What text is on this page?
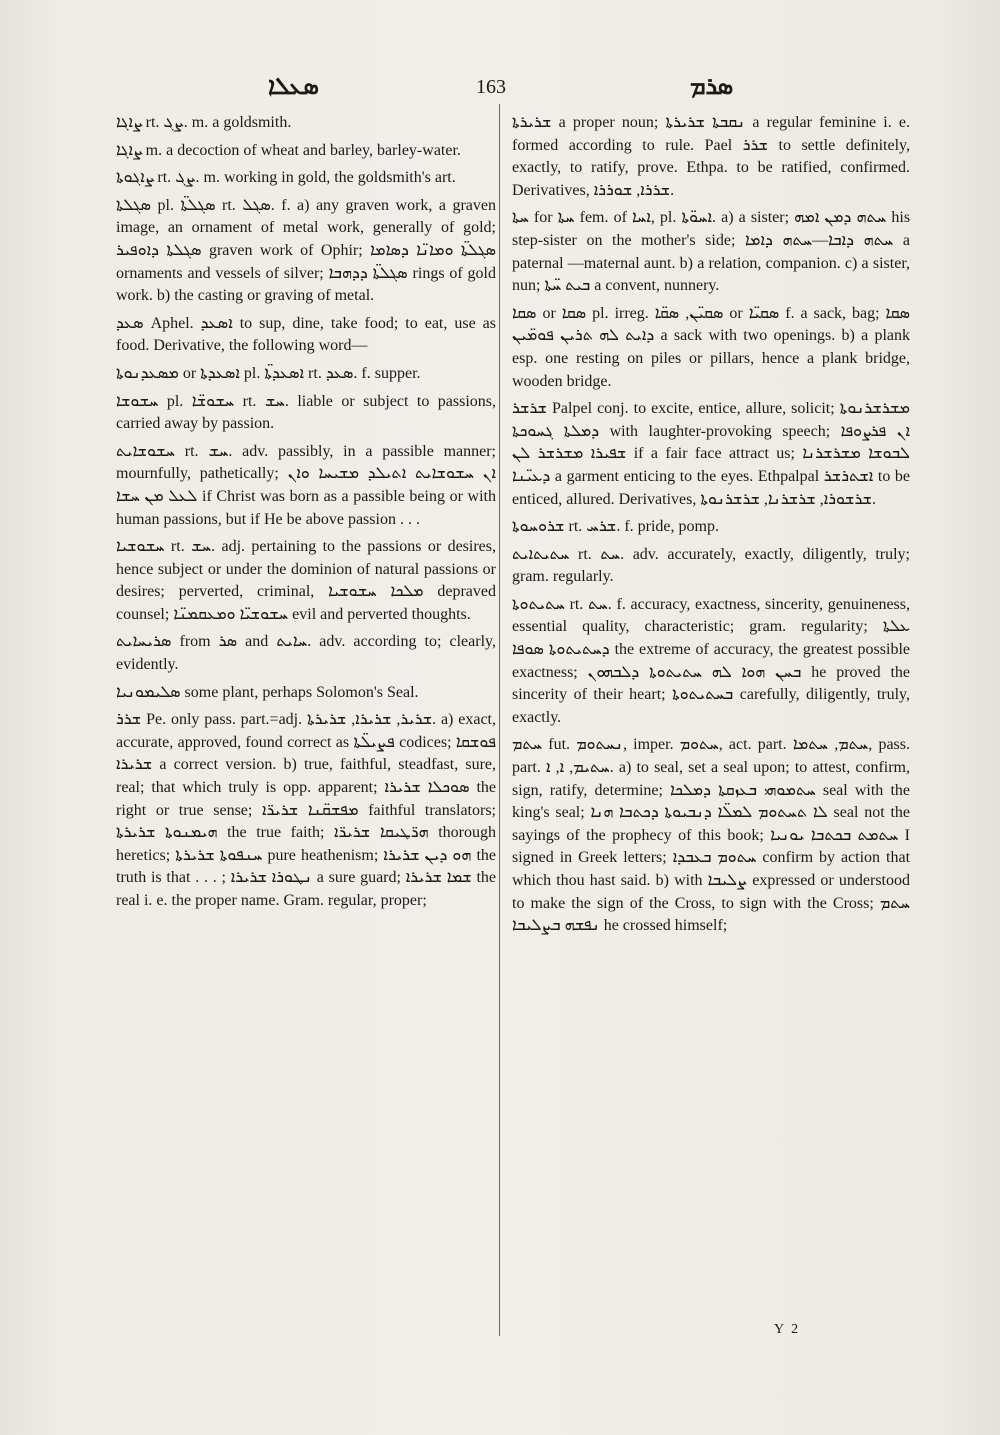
ܣܥܠܐ	163	ܣܪܡ

ܨܐܓܐ rt. ܨܓ. m. a goldsmith.

ܨܐܓܐ m. a decoction of wheat and barley, barley-water.

ܨܐܓܘܬܐ rt. ܨܓ. m. working in gold, the goldsmith's art.

ܣܓܠܬܐ pl. ܣܓܠܬ̈ܐ rt. ܣܓܠ. f. a) any graven work, a graven image, an ornament of metal work, generally of gold; ܣܓܠܬܐ ܕܐܘܦܝܪ graven work of Ophir; ܣܓܠܬ̈ܐ ܘܡܐܢ̈ܐ ܕܣܐܡܐ ornaments and vessels of silver; ܣܓܠܬ̈ܐ ܕܕܗܒܐ rings of gold work. b) the casting or graving of metal.

ܣܥܕ Aphel. ܐܣܥܕ to sup, dine, take food; to eat, use as food. Derivative, the following word—

ܡܣܥܕܢܘܬܐ or ܐܣܥܕܬܐ pl. ܐܣܥܕܬ̈ܐ rt. ܣܥܕ. f. supper.

ܚܫܘܫܐ pl. ܚܫܘܫ̈ܐ rt. ܚܫ. liable or subject to passions, carried away by passion.

ܚܫܘܫܐܝܬ rt. ܚܫ. adv. passibly, in a passible manner; mournfully, pathetically; ܐܢ ܚܫܘܫܐܝܬ ܐܬܝܠܕ ܡܫܝܚܐ ܘܐܢ ܠܥܠ ܡܢ ܚܫܐ if Christ was born as a passible being or with human passions, but if He be above passion . . .

ܚܫܘܫܝܐ rt. ܚܫ. adj. pertaining to the passions or desires, hence subject or under the dominion of natural passions or desires; perverted, criminal, ܡܠܟܐ ܚܫܘܫܝܐ depraved counsel; ܚܫܘܫܝ̈ܐ ܘܡܥܩܡܢ̈ܐ evil and perverted thoughts.

ܣܪܝܚܐܝܬ from ܣܪ and ܚܐܝܬ. adv. according to; clearly, evidently.

ܣܠܝܡܘܢܝܐ some plant, perhaps Solomon's Seal.

ܫܪܪ Pe. only pass. part.=adj. ܫܪܝܪ, ܫܪܝܪܐ, ܫܪܝܪܬܐ. a) exact, accurate, approved, found correct as ܦܨܝܠ̈ܬܐ codices; ܦܘܫܩܐ ܫܪܝܪܐ a correct version. b) true, faithful, steadfast, sure, real; that which truly is opp. apparent; ܣܘܟܠܐ ܫܪܝܪܐ the right or true sense; ܡܦܫܩ̈ܢܐ ܫܪܝܪ̈ܐ faithful translators; ܗܝܡܢܘܬܐ ܫܪܝܪܬܐ the true faith; ܗܪ̈ܛܝܩܐ ܫܪܝܪ̈ܐ thorough heretics; ܚܢܦܘܬܐ ܫܪܝܪܬܐ pure heathenism; ܗܘ ܕܝܢ ܫܪܝܪܐ the truth is that . . . ; ܢܛܘܪܐ ܫܪܝܪܐ a sure guard; ܫܡܐ ܫܪܝܪܐ the real i. e. the proper name. Gram. regular, proper;

ܫܪܝܪܬܐ a proper noun; ܢܩܒܬܐ ܫܪܝܪܬܐ a regular feminine i. e. formed according to rule. Pael ܫܪܪ to settle definitely, exactly, to ratify, prove. Ethpa. to be ratified, confirmed. Derivatives, ܫܪܪܐ, ܫܘܪܪܐ.

ܚܬܐ for ܚܬܐ fem. of ܐܚܐ, pl. ܐܚܘ̈ܬܐ. a) a sister; ܚܬܗ ܕܡܢ ܐܡܗ his step-sister on the mother's side; ܚܬܗ ܕܐܒܐ—ܚܬܗ ܕܐܡܐ a paternal —maternal aunt. b) a relation, companion. c) a sister, nun; ܒܝܬ ܚ̈ܬܐ a convent, nunnery.

ܣܩܐ or ܣܩܐ pl. irreg. ܣܩܝ̈ܢ, ܣܩ̈ܐ or ܣܩܝ̈ܐ f. a sack, bag; ܣܩܐ ܕܐܝܬ ܠܗ ܬܪܝܢ ܦܘܡ̈ܝܢ a sack with two openings. b) a plank esp. one resting on piles or pillars, hence a plank bridge, wooden bridge.

ܫܪܫܪ Palpel conj. to excite, entice, allure, solicit; ܡܫܪܫܪܢܘܬܐ ܕܡܠܬܐ ܓܚܘܟܬܐ with laughter-provoking speech; ܐܢ ܦܪܨܘܦܐ ܫܦܝܪܐ ܡܫܪܫܪ ܠܢ if a fair face attract us; ܠܒܘܫܐ ܡܫܪܫܪܢܐ ܕܥܝ̈ܢܐ a garment enticing to the eyes. Ethpalpal ܐܫܬܪܫܪ to be enticed, allured. Derivatives, ܫܪܫܘܪܐ, ܫܪܫܪܢܐ, ܫܪܫܪܢܘܬܐ.

ܫܪܘܚܘܬܐ rt. ܫܪܚ. f. pride, pomp.

ܚܬܝܬܐܝܬ rt. ܚܬ. adv. accurately, exactly, diligently, truly; gram. regularly.

ܚܬܝܬܘܬܐ rt. ܚܬ. f. accuracy, exactness, sincerity, genuineness, essential quality, characteristic; gram. regularity; ܥܠܬܐ ܕܚܬܝܬܘܬܐ ܣܘܦܐ the extreme of accuracy, the greatest possible exactness; ܒܚܢ ܗܘܐ ܠܗ ܚܬܝܬܘܬܐ ܕܠܒܗܘܢ he proved the sincerity of their heart; ܒܚܬܝܬܘܬܐ carefully, diligently, truly, exactly.

ܚܬܡ fut. ܢܚܬܘܡ, imper. ܚܬܘܡ, act. part. ܚܬܡ, ܚܬܡܐ, pass. part. ܚܬܝܡ, ܐ, ܐ. a) to seal, set a seal upon; to attest, confirm, sign, ratify, determine; ܚܬܡܘܗܝ ܒܥܙܩܬܐ ܕܡܠܟܐ seal with the king's seal; ܠܐ ܬܚܬܘܡ ܠܡܠ̈ܐ ܕܢܒܝܘܬܐ ܕܟܬܒܐ ܗܢܐ seal not the sayings of the prophecy of this book; ܚܬܡܬ ܒܟܬܒܐ ܝܘܢܝܐ I signed in Greek letters; ܚܬܘܡ ܒܥܒܕܐ confirm by action that which thou hast said. b) with ܨܠܝܒܐ expressed or understood to make the sign of the Cross, to sign with the Cross; ܚܬܡ ܢܦܫܗ ܒܨܠܝܒܐ he crossed himself;

Y 2
